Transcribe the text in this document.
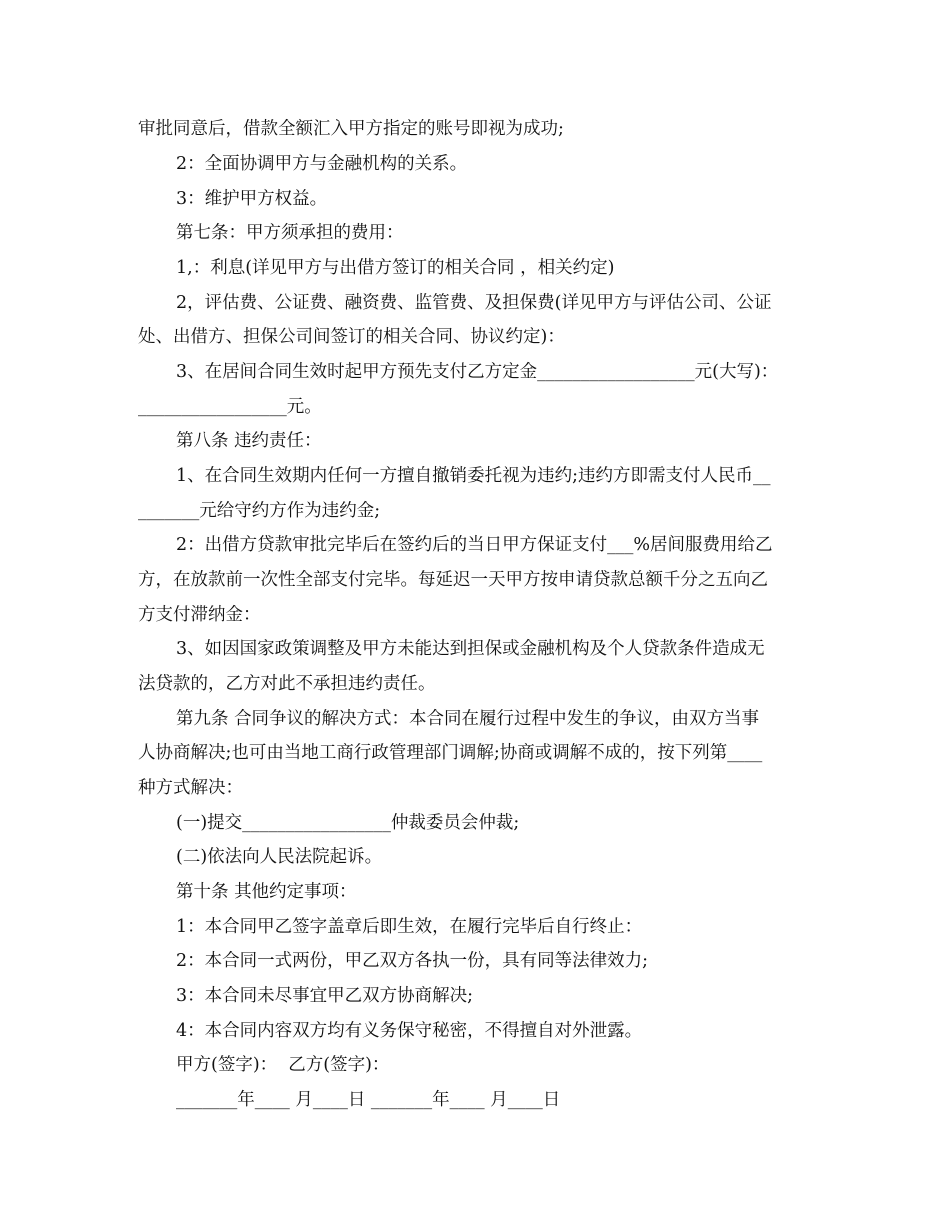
审批同意后，借款全额汇入甲方指定的账号即视为成功;
2：全面协调甲方与金融机构的关系。
3：维护甲方权益。
第七条：甲方须承担的费用：
1,：利息(详见甲方与出借方签订的相关合同 ，相关约定)
2，评估费、公证费、融资费、监管费、及担保费(详见甲方与评估公司、公证
处、出借方、担保公司间签订的相关合同、协议约定)：
3、在居间合同生效时起甲方预先支付乙方定金__________________元(大写)：
_________________元。
第八条 违约责任：
1、在合同生效期内任何一方擅自撤销委托视为违约;违约方即需支付人民币__
_______元给守约方作为违约金;
2：出借方贷款审批完毕后在签约后的当日甲方保证支付___%居间服费用给乙
方，在放款前一次性全部支付完毕。每延迟一天甲方按申请贷款总额千分之五向乙
方支付滞纳金：
3、如因国家政策调整及甲方未能达到担保或金融机构及个人贷款条件造成无
法贷款的，乙方对此不承担违约责任。
第九条 合同争议的解决方式：本合同在履行过程中发生的争议，由双方当事
人协商解决;也可由当地工商行政管理部门调解;协商或调解不成的，按下列第____
种方式解决：
(一)提交_________________仲裁委员会仲裁;
(二)依法向人民法院起诉。
第十条 其他约定事项：
1：本合同甲乙签字盖章后即生效，在履行完毕后自行终止：
2：本合同一式两份，甲乙双方各执一份，具有同等法律效力;
3：本合同未尽事宜甲乙双方协商解决;
4：本合同内容双方均有义务保守秘密，不得擅自对外泄露。
甲方(签字)：  乙方(签字)：
_______年____ 月____日 _______年____ 月____日
